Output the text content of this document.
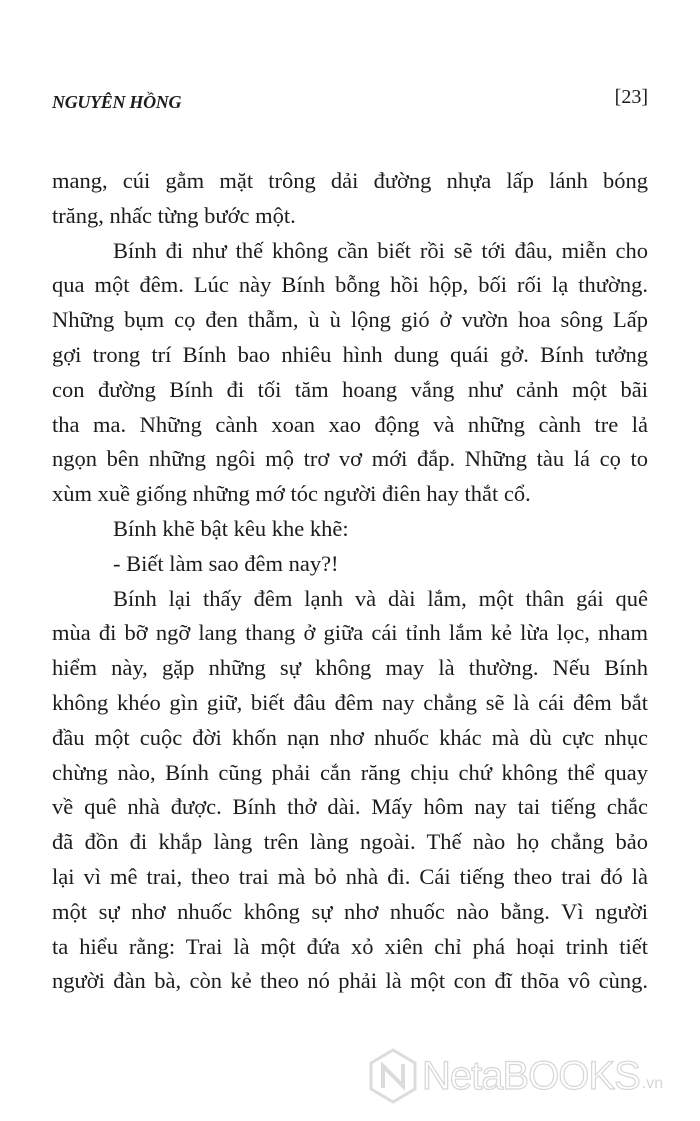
NGUYÊN HỒNG	[23]
mang, cúi gằm mặt trông dải đường nhựa lấp lánh bóng
trăng, nhấc từng bước một.
Bính đi như thế không cần biết rồi sẽ tới đâu, miễn cho
qua một đêm. Lúc này Bính bỗng hồi hộp, bối rối lạ thường.
Những bụm cọ đen thẫm, ù ù lộng gió ở vườn hoa sông Lấp
gợi trong trí Bính bao nhiêu hình dung quái gở. Bính tưởng
con đường Bính đi tối tăm hoang vắng như cảnh một bãi
tha ma. Những cành xoan xao động và những cành tre lả
ngọn bên những ngôi mộ trơ vơ mới đắp. Những tàu lá cọ to
xùm xuề giống những mớ tóc người điên hay thắt cổ.
Bính khẽ bật kêu khe khẽ:
- Biết làm sao đêm nay?!
Bính lại thấy đêm lạnh và dài lắm, một thân gái quê
mùa đi bỡ ngỡ lang thang ở giữa cái tỉnh lắm kẻ lừa lọc, nham
hiểm này, gặp những sự không may là thường. Nếu Bính
không khéo gìn giữ, biết đâu đêm nay chẳng sẽ là cái đêm bắt
đầu một cuộc đời khốn nạn nhơ nhuốc khác mà dù cực nhục
chừng nào, Bính cũng phải cắn răng chịu chứ không thể quay
về quê nhà được. Bính thở dài. Mấy hôm nay tai tiếng chắc
đã đồn đi khắp làng trên làng ngoài. Thế nào họ chẳng bảo
lại vì mê trai, theo trai mà bỏ nhà đi. Cái tiếng theo trai đó là
một sự nhơ nhuốc không sự nhơ nhuốc nào bằng. Vì người
ta hiểu rằng: Trai là một đứa xỏ xiên chỉ phá hoại trinh tiết
người đàn bà, còn kẻ theo nó phải là một con đĩ thõa vô cùng.
NetaBOOKS .vn
